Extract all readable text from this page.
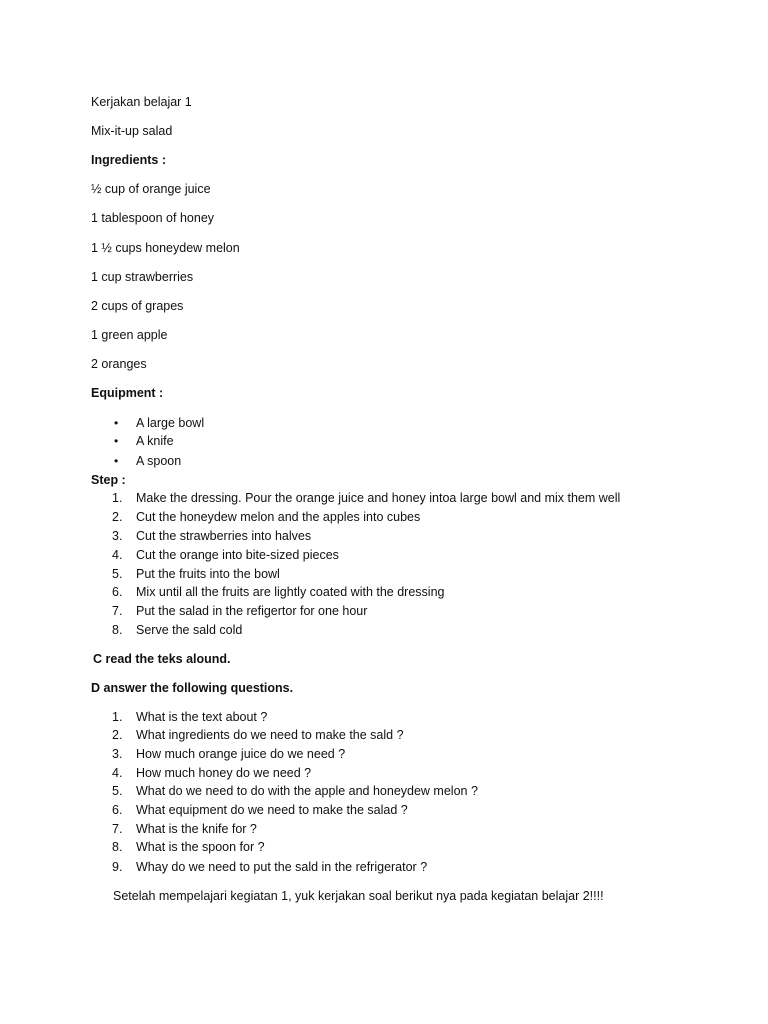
Kerjakan belajar 1
Mix-it-up salad
Ingredients :
½ cup of orange juice
1 tablespoon of honey
1 ½ cups honeydew melon
1 cup strawberries
2 cups of grapes
1 green apple
2 oranges
Equipment :
• A large bowl
• A knife
• A spoon
Step :
1.	Make the dressing. Pour the orange juice and honey intoa large bowl and mix them well
2.	Cut the honeydew melon and the apples into cubes
3.	Cut the strawberries into halves
4.	Cut the orange into bite-sized pieces
5.	Put the fruits into the bowl
6.	Mix until all the fruits are lightly coated with the dressing
7.	Put the salad in the refigertor for one hour
8.	Serve the sald cold
C read the teks alound.
D answer the following questions.
1.	What is the text about ?
2.	What ingredients do we need to make the sald ?
3.	How much orange juice do we need ?
4.	How much honey do we need ?
5.	What do we need to do with the apple and honeydew melon ?
6.	What equipment do we need to make the salad ?
7.	What is the knife for ?
8.	What is the spoon for ?
9.	Whay do we need to put the sald in the refrigerator ?
Setelah mempelajari kegiatan 1, yuk kerjakan soal berikut nya pada kegiatan belajar 2!!!!
